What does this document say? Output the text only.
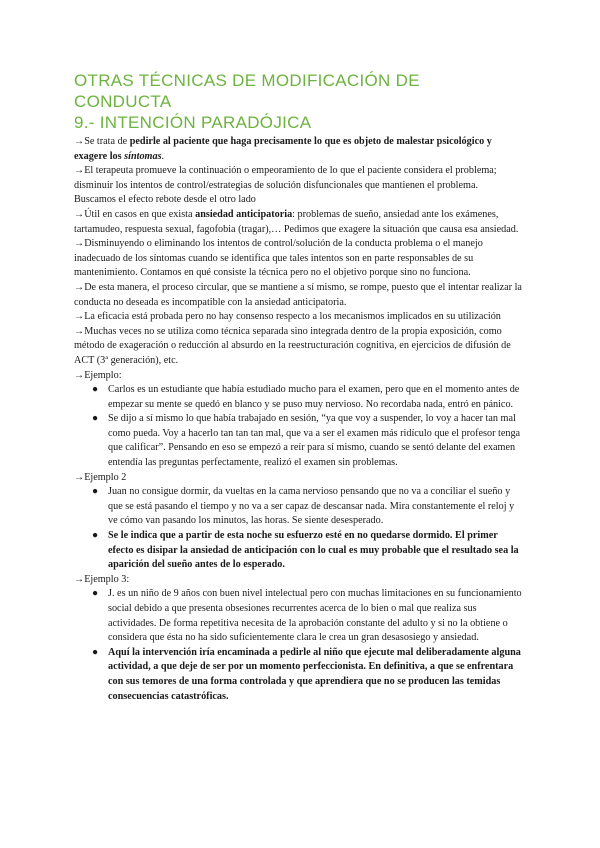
OTRAS TÉCNICAS DE MODIFICACIÓN DE CONDUCTA
9.- INTENCIÓN PARADÓJICA

→Se trata de pedirle al paciente que haga precisamente lo que es objeto de malestar psicológico y exagere los síntomas.

→El terapeuta promueve la continuación o empeoramiento de lo que el paciente considera el problema; disminuir los intentos de control/estrategias de solución disfuncionales que mantienen el problema. Buscamos el efecto rebote desde el otro lado

→Útil en casos en que exista ansiedad anticipatoria: problemas de sueño, ansiedad ante los exámenes, tartamudeo, respuesta sexual, fagofobia (tragar),… Pedimos que exagere la situación que causa esa ansiedad.

→Disminuyendo o eliminando los intentos de control/solución de la conducta problema o el manejo inadecuado de los síntomas cuando se identifica que tales intentos son en parte responsables de su mantenimiento. Contamos en qué consiste la técnica pero no el objetivo porque sino no funciona.

→De esta manera, el proceso circular, que se mantiene a sí mismo, se rompe, puesto que el intentar realizar la conducta no deseada es incompatible con la ansiedad anticipatoria.

→La eficacia está probada pero no hay consenso respecto a los mecanismos implicados en su utilización

→Muchas veces no se utiliza como técnica separada sino integrada dentro de la propia exposición, como método de exageración o reducción al absurdo en la reestructuración cognitiva, en ejercicios de difusión de ACT (3ª generación), etc.

→Ejemplo:

● Carlos es un estudiante que había estudiado mucho para el examen, pero que en el momento antes de empezar su mente se quedó en blanco y se puso muy nervioso. No recordaba nada, entró en pánico.
● Se dijo a sí mismo lo que había trabajado en sesión, “ya que voy a suspender, lo voy a hacer tan mal como pueda. Voy a hacerlo tan tan tan mal, que va a ser el examen más ridículo que el profesor tenga que calificar”. Pensando en eso se empezó a reír para sí mismo, cuando se sentó delante del examen entendía las preguntas perfectamente, realizó el examen sin problemas.

→Ejemplo 2

● Juan no consigue dormir, da vueltas en la cama nervioso pensando que no va a conciliar el sueño y que se está pasando el tiempo y no va a ser capaz de descansar nada. Mira constantemente el reloj y ve cómo van pasando los minutos, las horas. Se siente desesperado.
● Se le indica que a partir de esta noche su esfuerzo esté en no quedarse dormido. El primer efecto es disipar la ansiedad de anticipación con lo cual es muy probable que el resultado sea la aparición del sueño antes de lo esperado.

→Ejemplo 3:

● J. es un niño de 9 años con buen nivel intelectual pero con muchas limitaciones en su funcionamiento social debido a que presenta obsesiones recurrentes acerca de lo bien o mal que realiza sus actividades. De forma repetitiva necesita de la aprobación constante del adulto y si no la obtiene o considera que ésta no ha sido suficientemente clara le crea un gran desasosiego y ansiedad.
● Aquí la intervención iría encaminada a pedirle al niño que ejecute mal deliberadamente alguna actividad, a que deje de ser por un momento perfeccionista. En definitiva, a que se enfrentara con sus temores de una forma controlada y que aprendiera que no se producen las temidas consecuencias catastróficas.
